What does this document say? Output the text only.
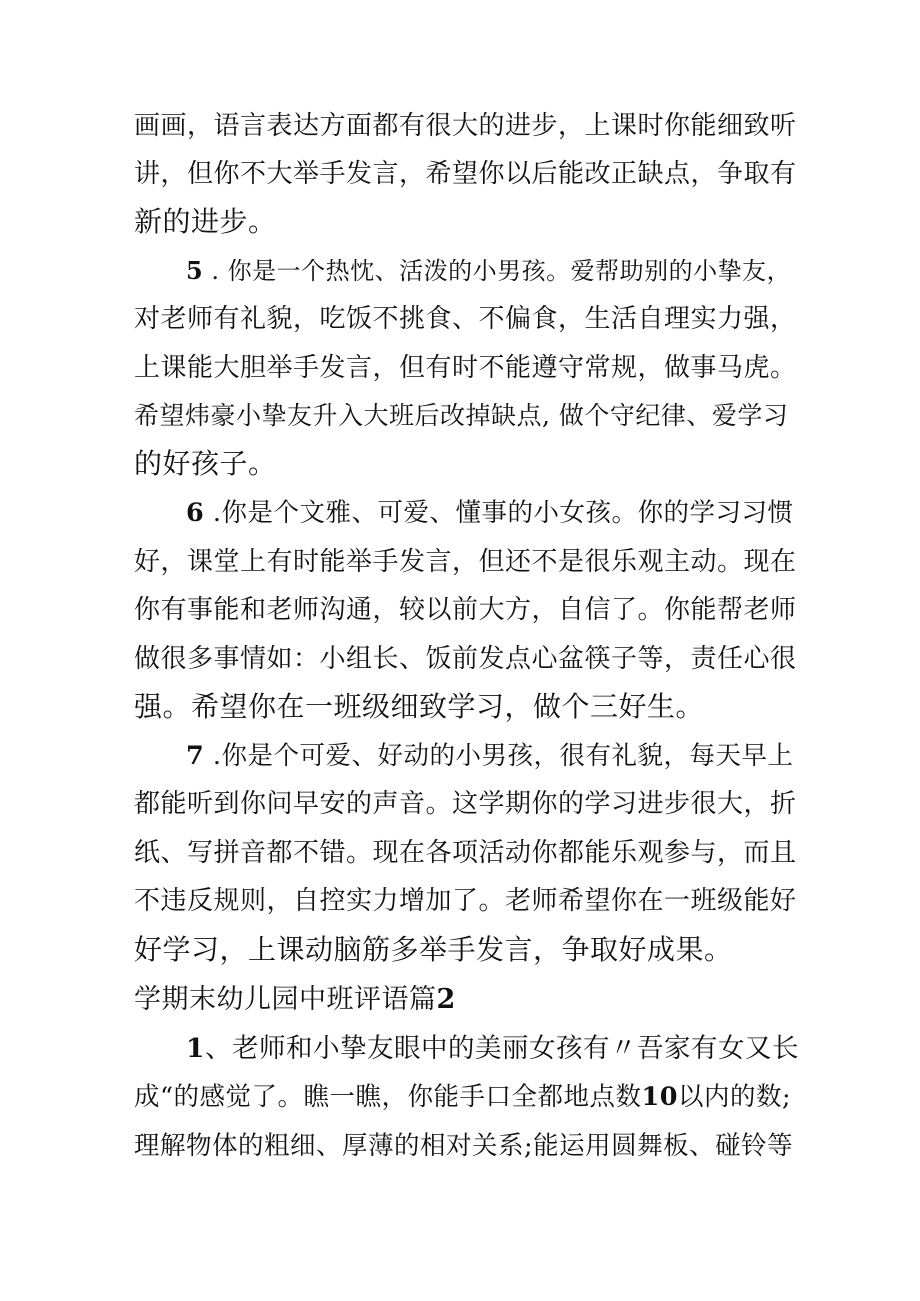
画画，语言表达方面都有很大的进步，上课时你能细致听
讲，但你不大举手发言，希望你以后能改正缺点，争取有
新的进步。
5 . 你是一个热忱、活泼的小男孩。爱帮助别的小挚友，
对老师有礼貌，吃饭不挑食、不偏食，生活自理实力强，
上课能大胆举手发言，但有时不能遵守常规，做事马虎。
希望炜豪小挚友升入大班后改掉缺点, 做个守纪律、爱学习
的好孩子。
6 .你是个文雅、可爱、懂事的小女孩。你的学习习惯
好，课堂上有时能举手发言，但还不是很乐观主动。现在
你有事能和老师沟通，较以前大方，自信了。你能帮老师
做很多事情如：小组长、饭前发点心盆筷子等，责任心很
强。希望你在一班级细致学习，做个三好生。
7 .你是个可爱、好动的小男孩，很有礼貌，每天早上
都能听到你问早安的声音。这学期你的学习进步很大，折
纸、写拼音都不错。现在各项活动你都能乐观参与，而且
不违反规则，自控实力增加了。老师希望你在一班级能好
好学习，上课动脑筋多举手发言，争取好成果。
学期末幼儿园中班评语篇2
1、老师和小挚友眼中的美丽女孩有〃吾家有女又长
成“的感觉了。瞧一瞧，你能手口全都地点数10以内的数;
理解物体的粗细、厚薄的相对关系;能运用圆舞板、碰铃等
